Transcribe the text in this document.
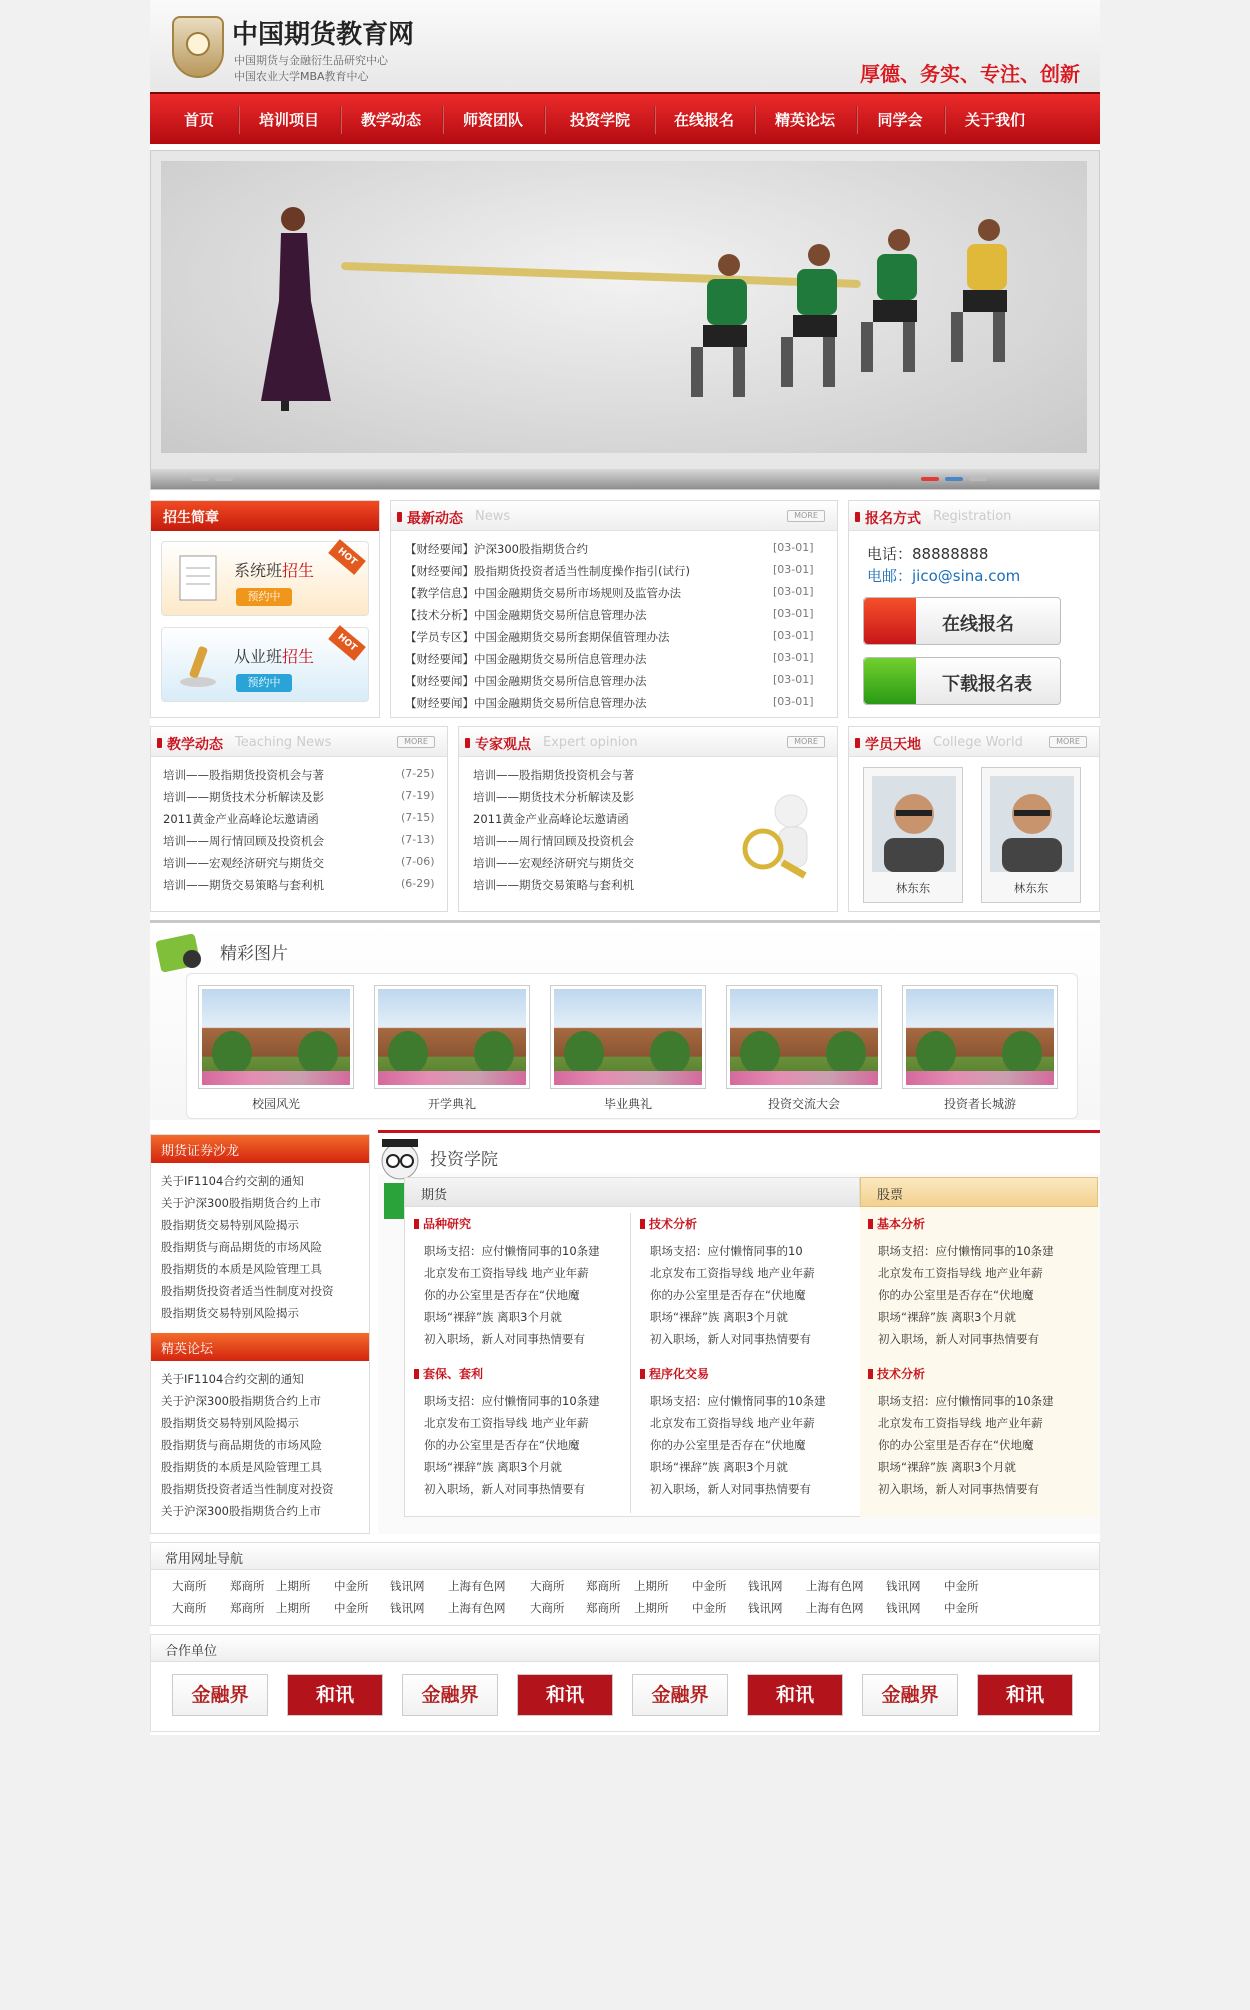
中国期货教育网
中国期货与金融衍生品研究中心
中国农业大学MBA教育中心	厚德、务实、专注、创新
首页	培训项目	教学动态	师资团队	投资学院	在线报名	精英论坛	同学会	关于我们
招生简章
系统班招生
预约中
HOT
从业班招生
预约中
HOT
最新动态 News	MORE
【财经要闻】沪深300股指期货合约	[03-01]
【财经要闻】股指期货投资者适当性制度操作指引(试行)	[03-01]
【教学信息】中国金融期货交易所市场规则及监管办法	[03-01]
【技术分析】中国金融期货交易所信息管理办法	[03-01]
【学员专区】中国金融期货交易所套期保值管理办法	[03-01]
【财经要闻】中国金融期货交易所信息管理办法	[03-01]
【财经要闻】中国金融期货交易所信息管理办法	[03-01]
【财经要闻】中国金融期货交易所信息管理办法	[03-01]
报名方式 Registration
电话：88888888
电邮：jico@sina.com
在线报名
下载报名表
教学动态 Teaching News	MORE
培训——股指期货投资机会与著	(7-25)
培训——期货技术分析解读及影	(7-19)
2011黄金产业高峰论坛邀请函	(7-15)
培训——周行情回顾及投资机会	(7-13)
培训——宏观经济研究与期货交	(7-06)
培训——期货交易策略与套利机	(6-29)
专家观点 Expert opinion	MORE
培训——股指期货投资机会与著
培训——期货技术分析解读及影
2011黄金产业高峰论坛邀请函
培训——周行情回顾及投资机会
培训——宏观经济研究与期货交
培训——期货交易策略与套利机
学员天地 College World	MORE
林东东	林东东
精彩图片
校园风光	开学典礼	毕业典礼	投资交流大会	投资者长城游
期货证券沙龙
关于IF1104合约交割的通知
关于沪深300股指期货合约上市
股指期货交易特别风险揭示
股指期货与商品期货的市场风险
股指期货的本质是风险管理工具
股指期货投资者适当性制度对投资
股指期货交易特别风险揭示
精英论坛
关于IF1104合约交割的通知
关于沪深300股指期货合约上市
股指期货交易特别风险揭示
股指期货与商品期货的市场风险
股指期货的本质是风险管理工具
股指期货投资者适当性制度对投资
关于沪深300股指期货合约上市
投资学院
期货	股票
品种研究
职场支招：应付懒惰同事的10条建
北京发布工资指导线 地产业年薪
你的办公室里是否存在“伏地魔
职场“裸辞”族 离职3个月就
初入职场，新人对同事热情要有
技术分析
职场支招：应付懒惰同事的10
北京发布工资指导线 地产业年薪
你的办公室里是否存在“伏地魔
职场“裸辞”族 离职3个月就
初入职场，新人对同事热情要有
基本分析
职场支招：应付懒惰同事的10条建
北京发布工资指导线 地产业年薪
你的办公室里是否存在“伏地魔
职场“裸辞”族 离职3个月就
初入职场，新人对同事热情要有
套保、套利
职场支招：应付懒惰同事的10条建
北京发布工资指导线 地产业年薪
你的办公室里是否存在“伏地魔
职场“裸辞”族 离职3个月就
初入职场，新人对同事热情要有
程序化交易
职场支招：应付懒惰同事的10条建
北京发布工资指导线 地产业年薪
你的办公室里是否存在“伏地魔
职场“裸辞”族 离职3个月就
初入职场，新人对同事热情要有
技术分析
职场支招：应付懒惰同事的10条建
北京发布工资指导线 地产业年薪
你的办公室里是否存在“伏地魔
职场“裸辞”族 离职3个月就
初入职场，新人对同事热情要有
常用网址导航
大商所 郑商所 上期所 中金所 钱讯网 上海有色网 大商所 郑商所 上期所 中金所 钱讯网 上海有色网 钱讯网 中金所
大商所 郑商所 上期所 中金所 钱讯网 上海有色网 大商所 郑商所 上期所 中金所 钱讯网 上海有色网 钱讯网 中金所
合作单位
金融界	和讯	金融界	和讯	金融界	和讯	金融界	和讯
